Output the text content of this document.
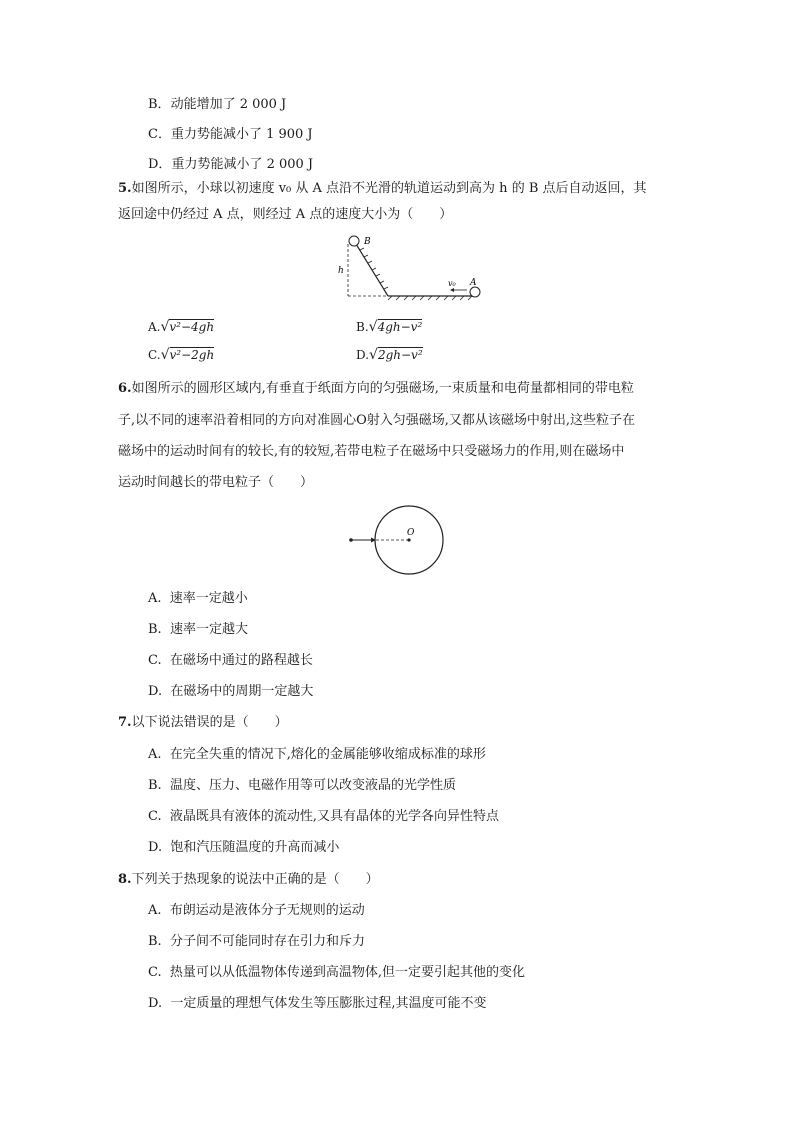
B．动能增加了 2 000 J
C．重力势能减小了 1 900 J
D．重力势能减小了 2 000 J
5.如图所示，小球以初速度 v₀ 从 A 点沿不光滑的轨道运动到高为 h 的 B 点后自动返回，其
返回途中仍经过 A 点，则经过 A 点的速度大小为（　　）
B
h
v₀ A
A.√v²−4gh	B.√4gh−v²
C.√v²−2gh	D.√2gh−v²
6.如图所示的圆形区域内,有垂直于纸面方向的匀强磁场,一束质量和电荷量都相同的带电粒
子,以不同的速率沿着相同的方向对准圆心O射入匀强磁场,又都从该磁场中射出,这些粒子在
磁场中的运动时间有的较长,有的较短,若带电粒子在磁场中只受磁场力的作用,则在磁场中
运动时间越长的带电粒子（　　）
O
A. 速率一定越小
B. 速率一定越大
C. 在磁场中通过的路程越长
D. 在磁场中的周期一定越大
7.以下说法错误的是（　　）
A. 在完全失重的情况下,熔化的金属能够收缩成标准的球形
B. 温度、压力、电磁作用等可以改变液晶的光学性质
C. 液晶既具有液体的流动性,又具有晶体的光学各向异性特点
D. 饱和汽压随温度的升高而减小
8.下列关于热现象的说法中正确的是（　　）
A. 布朗运动是液体分子无规则的运动
B. 分子间不可能同时存在引力和斥力
C. 热量可以从低温物体传递到高温物体,但一定要引起其他的变化
D. 一定质量的理想气体发生等压膨胀过程,其温度可能不变
